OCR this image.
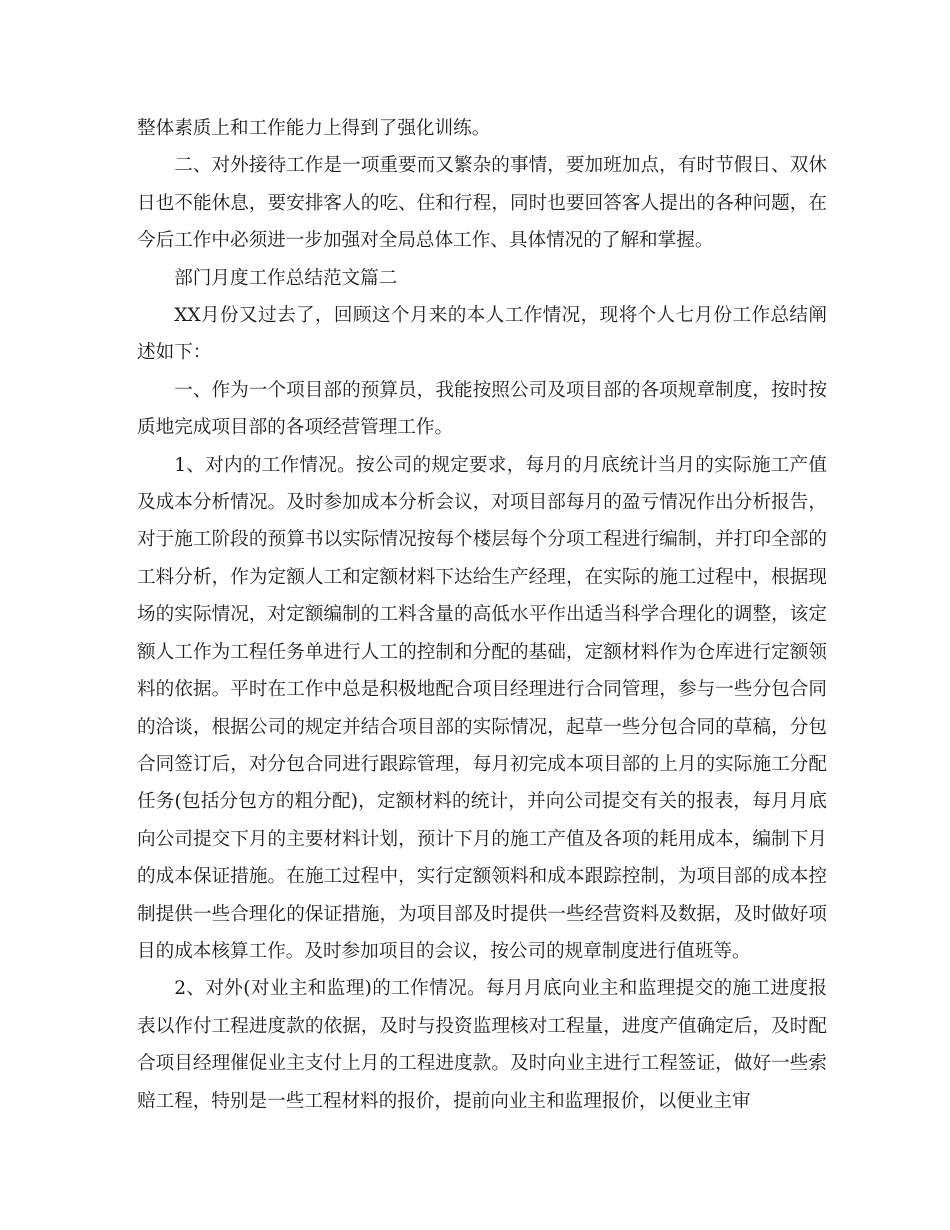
整体素质上和工作能力上得到了强化训练。

二、对外接待工作是一项重要而又繁杂的事情，要加班加点，有时节假日、双休日也不能休息，要安排客人的吃、住和行程，同时也要回答客人提出的各种问题，在今后工作中必须进一步加强对全局总体工作、具体情况的了解和掌握。

部门月度工作总结范文篇二

XX月份又过去了，回顾这个月来的本人工作情况，现将个人七月份工作总结阐述如下：

一、作为一个项目部的预算员，我能按照公司及项目部的各项规章制度，按时按质地完成项目部的各项经营管理工作。

1、对内的工作情况。按公司的规定要求，每月的月底统计当月的实际施工产值及成本分析情况。及时参加成本分析会议，对项目部每月的盈亏情况作出分析报告，对于施工阶段的预算书以实际情况按每个楼层每个分项工程进行编制，并打印全部的工料分析，作为定额人工和定额材料下达给生产经理，在实际的施工过程中，根据现场的实际情况，对定额编制的工料含量的高低水平作出适当科学合理化的调整，该定额人工作为工程任务单进行人工的控制和分配的基础，定额材料作为仓库进行定额领料的依据。平时在工作中总是积极地配合项目经理进行合同管理，参与一些分包合同的洽谈，根据公司的规定并结合项目部的实际情况，起草一些分包合同的草稿，分包合同签订后，对分包合同进行跟踪管理，每月初完成本项目部的上月的实际施工分配任务(包括分包方的粗分配)，定额材料的统计，并向公司提交有关的报表，每月月底向公司提交下月的主要材料计划，预计下月的施工产值及各项的耗用成本，编制下月的成本保证措施。在施工过程中，实行定额领料和成本跟踪控制，为项目部的成本控制提供一些合理化的保证措施，为项目部及时提供一些经营资料及数据，及时做好项目的成本核算工作。及时参加项目的会议，按公司的规章制度进行值班等。

2、对外(对业主和监理)的工作情况。每月月底向业主和监理提交的施工进度报表以作付工程进度款的依据，及时与投资监理核对工程量，进度产值确定后，及时配合项目经理催促业主支付上月的工程进度款。及时向业主进行工程签证，做好一些索赔工程，特别是一些工程材料的报价，提前向业主和监理报价，以便业主审
